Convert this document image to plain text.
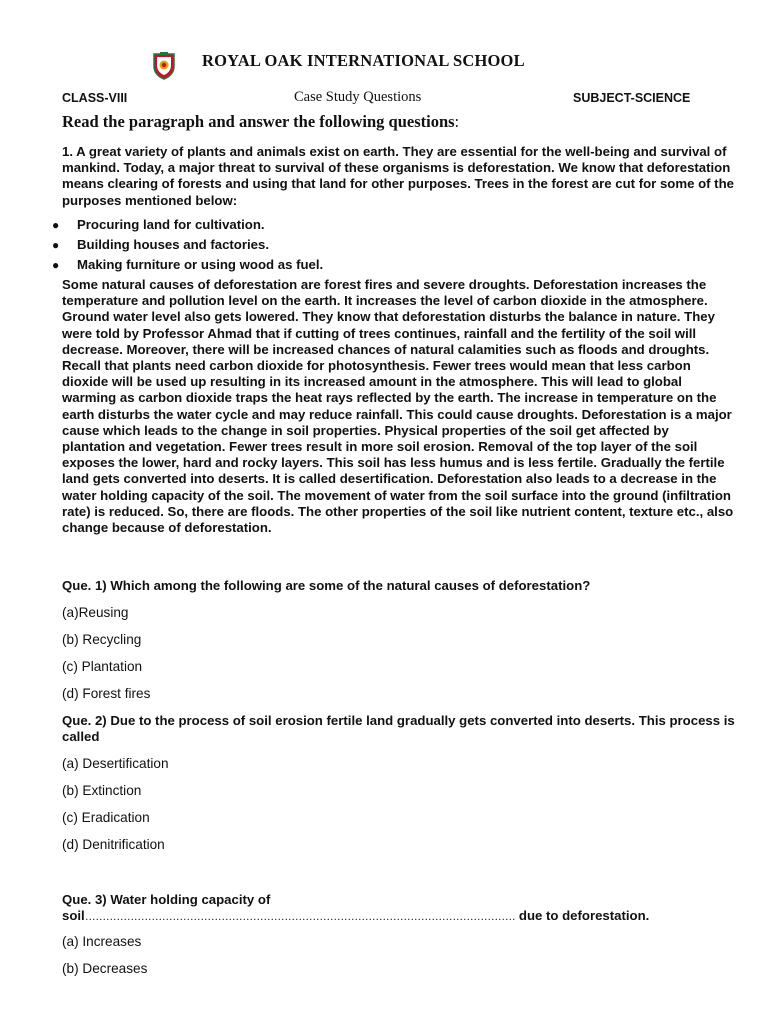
ROYAL OAK INTERNATIONAL SCHOOL
CLASS-VIII	Case Study Questions	SUBJECT-SCIENCE
Read the paragraph and answer the following questions:
1. A great variety of plants and animals exist on earth. They are essential for the well-being and survival of mankind. Today, a major threat to survival of these organisms is deforestation. We know that deforestation means clearing of forests and using that land for other purposes. Trees in the forest are cut for some of the purposes mentioned below:
● Procuring land for cultivation.
● Building houses and factories.
● Making furniture or using wood as fuel.
Some natural causes of deforestation are forest fires and severe droughts. Deforestation increases the temperature and pollution level on the earth. It increases the level of carbon dioxide in the atmosphere. Ground water level also gets lowered. They know that deforestation disturbs the balance in nature. They were told by Professor Ahmad that if cutting of trees continues, rainfall and the fertility of the soil will decrease. Moreover, there will be increased chances of natural calamities such as floods and droughts. Recall that plants need carbon dioxide for photosynthesis. Fewer trees would mean that less carbon dioxide will be used up resulting in its increased amount in the atmosphere. This will lead to global warming as carbon dioxide traps the heat rays reflected by the earth. The increase in temperature on the earth disturbs the water cycle and may reduce rainfall. This could cause droughts. Deforestation is a major cause which leads to the change in soil properties. Physical properties of the soil get affected by plantation and vegetation. Fewer trees result in more soil erosion. Removal of the top layer of the soil exposes the lower, hard and rocky layers. This soil has less humus and is less fertile. Gradually the fertile land gets converted into deserts. It is called desertification. Deforestation also leads to a decrease in the water holding capacity of the soil. The movement of water from the soil surface into the ground (infiltration rate) is reduced. So, there are floods. The other properties of the soil like nutrient content, texture etc., also change because of deforestation.
Que. 1) Which among the following are some of the natural causes of deforestation?
(a)Reusing
(b) Recycling
(c) Plantation
(d) Forest fires
Que. 2) Due to the process of soil erosion fertile land gradually gets converted into deserts. This process is called
(a) Desertification
(b) Extinction
(c) Eradication
(d) Denitrification
Que. 3) Water holding capacity of
soil…………………………………………………………………………………………………………… due to deforestation.
(a) Increases
(b) Decreases
